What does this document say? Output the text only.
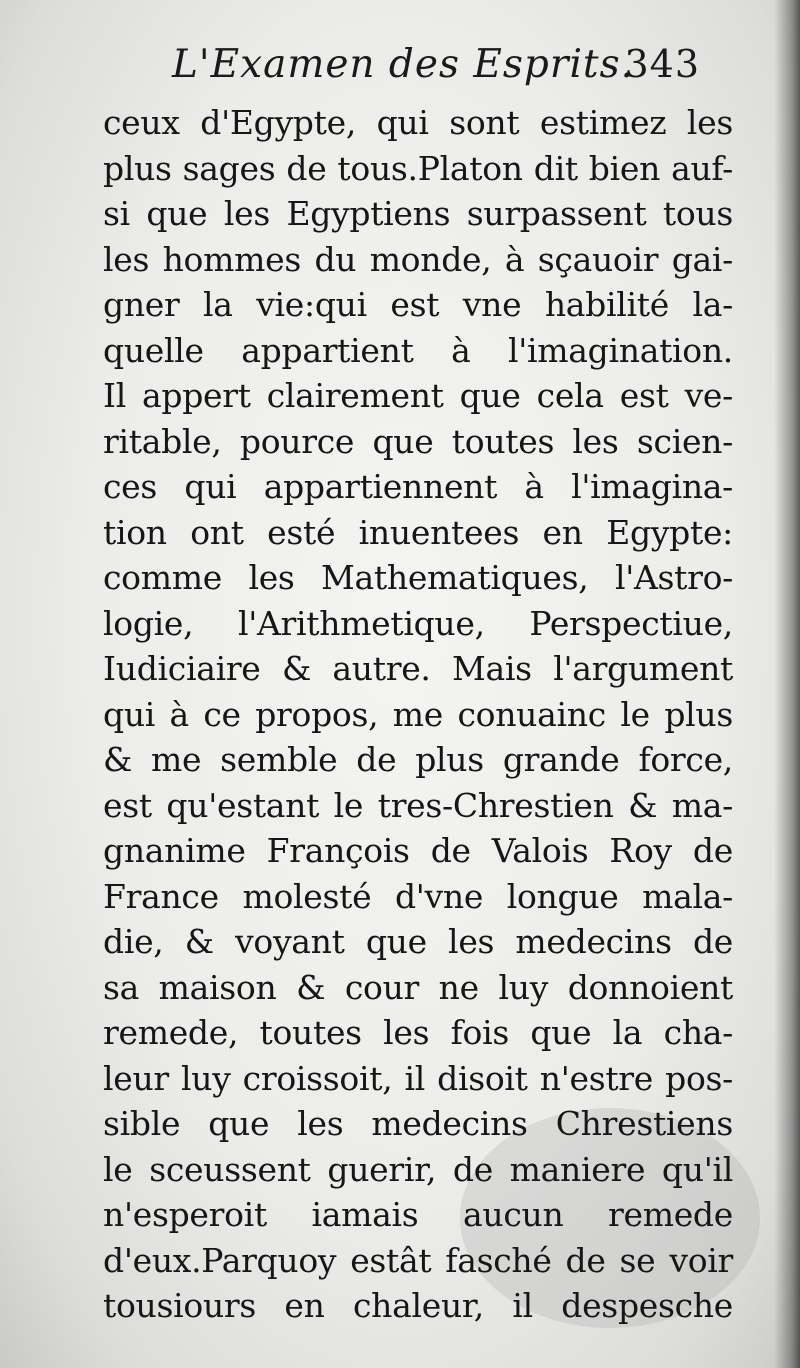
L'Examen des Esprits.
343
ceux d'Egypte, qui sont estimez les
plus sages de tous.Platon dit bien auf-
si que les Egyptiens surpassent tous
les hommes du monde, à sçauoir gai-
gner la vie:qui est vne habilité la-
quelle appartient à l'imagination.
Il appert clairement que cela est ve-
ritable, pource que toutes les scien-
ces qui appartiennent à l'imagina-
tion ont esté inuentees en Egypte:
comme les Mathematiques, l'Astro-
logie, l'Arithmetique, Perspectiue,
Iudiciaire & autre. Mais l'argument
qui à ce propos, me conuainc le plus
& me semble de plus grande force,
est qu'estant le tres-Chrestien & ma-
gnanime François de Valois Roy de
France molesté d'vne longue mala-
die, & voyant que les medecins de
sa maison & cour ne luy donnoient
remede, toutes les fois que la cha-
leur luy croissoit, il disoit n'estre pos-
sible que les medecins Chrestiens
le sceussent guerir, de maniere qu'il
n'esperoit iamais aucun remede
d'eux.Parquoy estât fasché de se voir
tousiours en chaleur, il despesche
